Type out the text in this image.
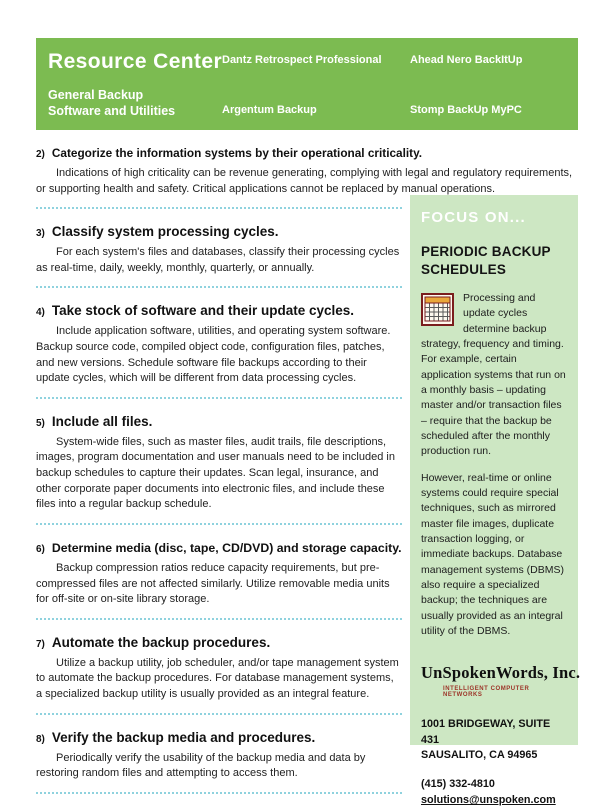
Resource Center
General Backup
Software and Utilities
Dantz Retrospect Professional	Ahead Nero BackItUp
Argentum Backup	Stomp BackUp MyPC
2) Categorize the information systems by their operational criticality.

Indications of high criticality can be revenue generating, complying with legal and regulatory requirements, or supporting health and safety. Critical applications cannot be replaced by manual operations.

3) Classify system processing cycles.

For each system's files and databases, classify their processing cycles as real-time, daily, weekly, monthly, quarterly, or annually.

4) Take stock of software and their update cycles.

Include application software, utilities, and operating system software. Backup source code, compiled object code, configuration files, patches, and new versions. Schedule software file backups according to their update cycles, which will be different from data processing cycles.

5) Include all files.

System-wide files, such as master files, audit trails, file descriptions, images, program documentation and user manuals need to be included in backup schedules to capture their updates. Scan legal, insurance, and other corporate paper documents into electronic files, and include these files into a regular backup schedule.

6) Determine media (disc, tape, CD/DVD) and storage capacity.

Backup compression ratios reduce capacity requirements, but pre-compressed files are not affected similarly. Utilize removable media units for off-site or on-site library storage.

7) Automate the backup procedures.

Utilize a backup utility, job scheduler, and/or tape management system to automate the backup procedures. For database management systems, a specialized backup utility is usually provided as an integral feature.

8) Verify the backup media and procedures.

Periodically verify the usability of the backup media and data by restoring random files and attempting to access them.

FOCUS ON...
PERIODIC BACKUP SCHEDULES

Processing and update cycles determine backup strategy, frequency and timing. For example, certain application systems that run on a monthly basis – updating master and/or transaction files – require that the backup be scheduled after the monthly production run.

However, real-time or online systems could require special techniques, such as mirrored master file images, duplicate transaction logging, or immediate backups. Database management systems (DBMS) also require a specialized backup; the techniques are usually provided as an integral utility of the DBMS.

UnSpokenWords, Inc.
INTELLIGENT COMPUTER NETWORKS
1001 BRIDGEWAY, SUITE 431
SAUSALITO, CA 94965
(415) 332-4810
solutions@unspoken.com
